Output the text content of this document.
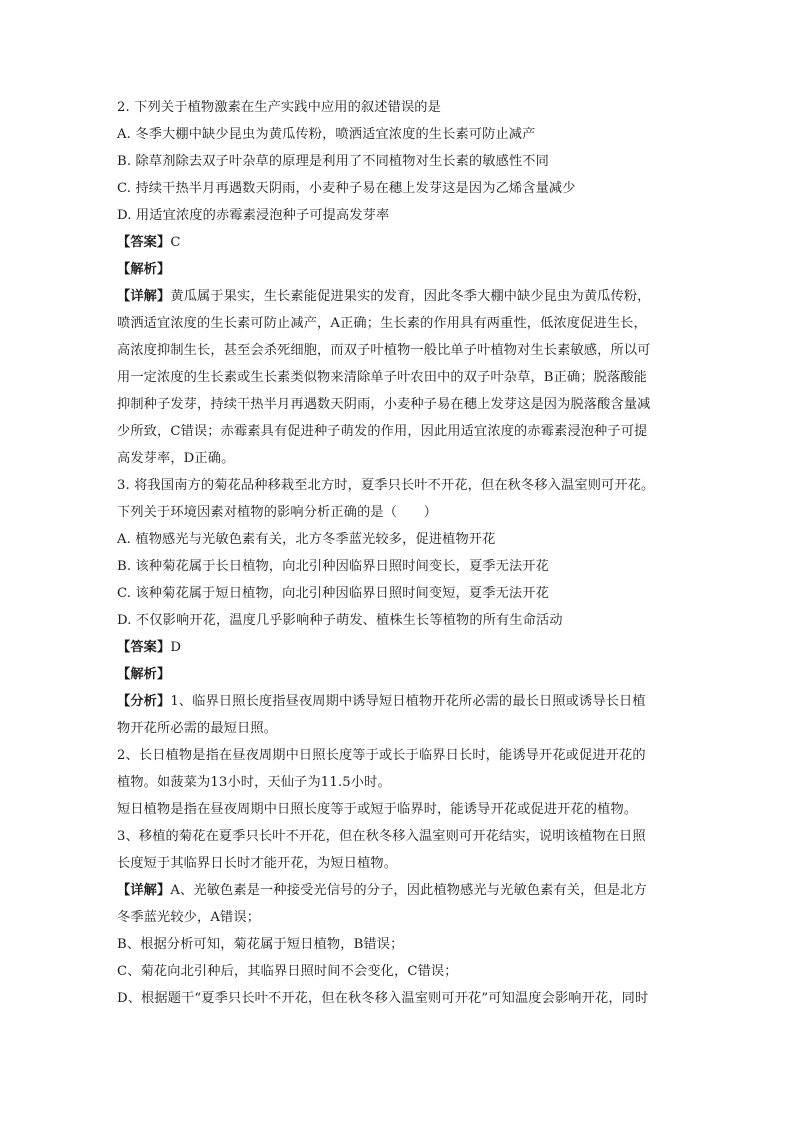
2. 下列关于植物激素在生产实践中应用的叙述错误的是
A. 冬季大棚中缺少昆虫为黄瓜传粉，喷洒适宜浓度的生长素可防止减产
B. 除草剂除去双子叶杂草的原理是利用了不同植物对生长素的敏感性不同
C. 持续干热半月再遇数天阴雨，小麦种子易在穗上发芽这是因为乙烯含量减少
D. 用适宜浓度的赤霉素浸泡种子可提高发芽率
【答案】C
【解析】
【详解】黄瓜属于果实，生长素能促进果实的发育，因此冬季大棚中缺少昆虫为黄瓜传粉，
喷洒适宜浓度的生长素可防止减产，A正确；生长素的作用具有两重性，低浓度促进生长，
高浓度抑制生长，甚至会杀死细胞，而双子叶植物一般比单子叶植物对生长素敏感，所以可
用一定浓度的生长素或生长素类似物来清除单子叶农田中的双子叶杂草，B正确；脱落酸能
抑制种子发芽，持续干热半月再遇数天阴雨，小麦种子易在穗上发芽这是因为脱落酸含量减
少所致，C错误；赤霉素具有促进种子萌发的作用，因此用适宜浓度的赤霉素浸泡种子可提
高发芽率，D正确。
3. 将我国南方的菊花品种移栽至北方时，夏季只长叶不开花，但在秋冬移入温室则可开花。
下列关于环境因素对植物的影响分析正确的是（　　）
A. 植物感光与光敏色素有关，北方冬季蓝光较多，促进植物开花
B. 该种菊花属于长日植物，向北引种因临界日照时间变长，夏季无法开花
C. 该种菊花属于短日植物，向北引种因临界日照时间变短，夏季无法开花
D. 不仅影响开花，温度几乎影响种子萌发、植株生长等植物的所有生命活动
【答案】D
【解析】
【分析】1、临界日照长度指昼夜周期中诱导短日植物开花所必需的最长日照或诱导长日植
物开花所必需的最短日照。
2、长日植物是指在昼夜周期中日照长度等于或长于临界日长时，能诱导开花或促进开花的
植物。如菠菜为13小时，天仙子为11.5小时。
短日植物是指在昼夜周期中日照长度等于或短于临界时，能诱导开花或促进开花的植物。
3、移植的菊花在夏季只长叶不开花，但在秋冬移入温室则可开花结实，说明该植物在日照
长度短于其临界日长时才能开花，为短日植物。
【详解】A、光敏色素是一种接受光信号的分子，因此植物感光与光敏色素有关，但是北方
冬季蓝光较少，A错误；
B、根据分析可知，菊花属于短日植物，B错误；
C、菊花向北引种后，其临界日照时间不会变化，C错误；
D、根据题干“夏季只长叶不开花，但在秋冬移入温室则可开花”可知温度会影响开花，同时
